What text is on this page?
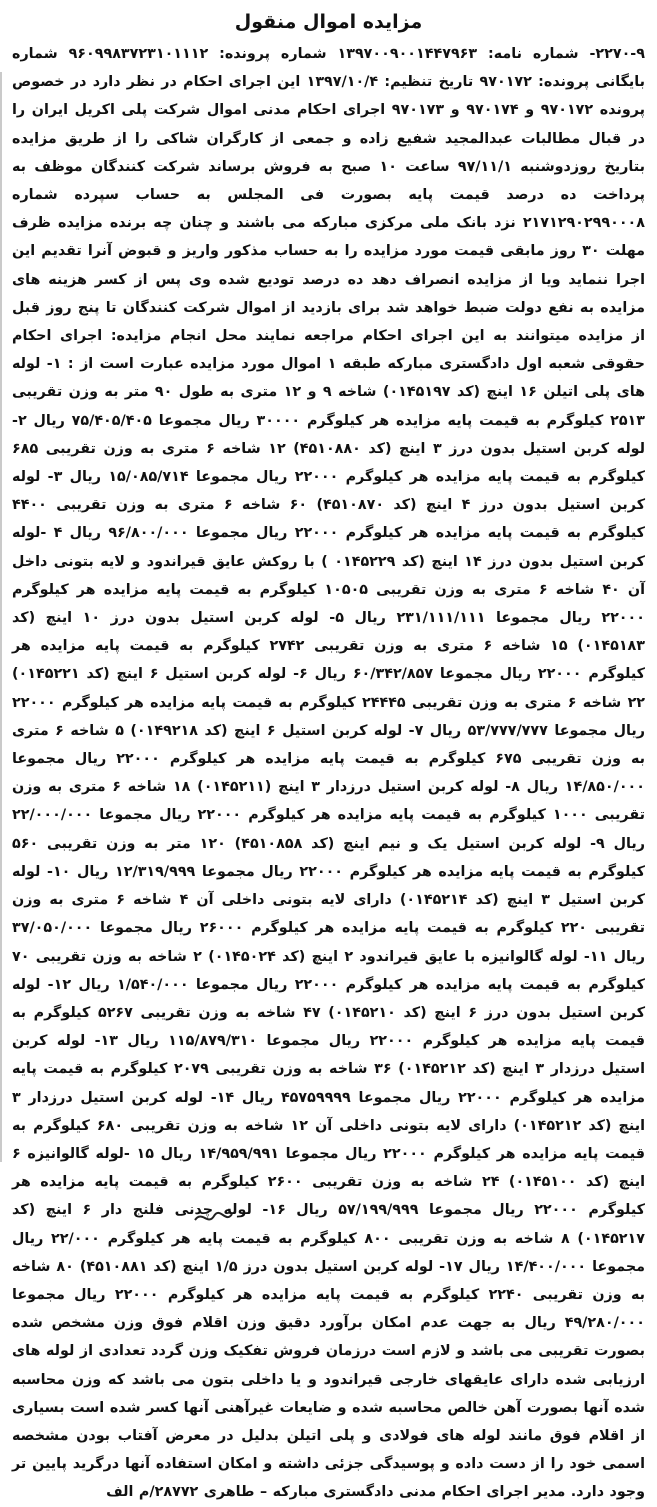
مزایده اموال منقول

۲۲۷۰-۹- شماره نامه: ۱۳۹۷۰۰۹۰۰۱۴۴۷۹۶۳ شماره پرونده: ۹۶۰۹۹۸۳۷۲۳۱۰۱۱۱۲ شماره بایگانی پرونده: ۹۷۰۱۷۲ تاریخ تنظیم: ۱۳۹۷/۱۰/۴ این اجرای احکام در نظر دارد در خصوص پرونده ۹۷۰۱۷۲ و ۹۷۰۱۷۴ و ۹۷۰۱۷۳ اجرای احکام مدنی اموال شرکت پلی اکریل ایران را در قبال مطالبات عبدالمجید شفیع زاده و جمعی از کارگران شاکی را از طریق مزایده بتاریخ روزدوشنبه ۹۷/۱۱/۱ ساعت ۱۰ صبح به فروش برساند شرکت کنندگان موظف به پرداخت ده درصد قیمت پایه بصورت فی المجلس به حساب سپرده شماره ۲۱۷۱۲۹۰۲۹۹۰۰۰۸ نزد بانک ملی مرکزی مبارکه می باشند و چنان چه برنده مزایده ظرف مهلت ۳۰ روز مابقی قیمت مورد مزایده را به حساب مذکور واریز و قبوض آنرا تقدیم این اجرا ننماید ویا از مزایده انصراف دهد ده درصد تودیع شده وی پس از کسر هزینه های مزایده به نفع دولت ضبط خواهد شد برای بازدید از اموال شرکت کنندگان تا پنج روز قبل از مزایده میتوانند به این اجرای احکام مراجعه نمایند محل انجام مزایده: اجرای احکام حقوقی شعبه اول دادگستری مبارکه طبقه ۱ اموال مورد مزایده عبارت است از : ۱- لوله های پلی اتیلن ۱۶ اینچ (کد ۰۱۴۵۱۹۷) شاخه ۹ و ۱۲ متری به طول ۹۰ متر به وزن تقریبی ۲۵۱۳ کیلوگرم به قیمت پایه مزایده هر کیلوگرم ۳۰۰۰۰ ریال مجموعا ۷۵/۴۰۵/۴۰۵ ریال ۲- لوله کربن استیل بدون درز ۳ اینچ (کد ۴۵۱۰۸۸۰) ۱۲ شاخه ۶ متری به وزن تقریبی ۶۸۵ کیلوگرم به قیمت پایه مزایده هر کیلوگرم ۲۲۰۰۰ ریال مجموعا ۱۵/۰۸۵/۷۱۴ ریال ۳- لوله کربن استیل بدون درز ۴ اینچ (کد ۴۵۱۰۸۷۰) ۶۰ شاخه ۶ متری به وزن تقریبی ۴۴۰۰ کیلوگرم به قیمت پایه مزایده هر کیلوگرم ۲۲۰۰۰ ریال مجموعا ۹۶/۸۰۰/۰۰۰ ریال ۴ -لوله کربن استیل بدون درز ۱۴ اینچ (کد ۰۱۴۵۲۲۹ ) با روکش عایق قیراندود و لایه بتونی داخل آن ۴۰ شاخه ۶ متری به وزن تقریبی ۱۰۵۰۵ کیلوگرم به قیمت پایه مزایده هر کیلوگرم ۲۲۰۰۰ ریال مجموعا ۲۳۱/۱۱۱/۱۱۱ ریال ۵- لوله کربن استیل بدون درز ۱۰ اینچ (کد ۰۱۴۵۱۸۳) ۱۵ شاخه ۶ متری به وزن تقریبی ۲۷۴۲ کیلوگرم به قیمت پایه مزایده هر کیلوگرم ۲۲۰۰۰ ریال مجموعا ۶۰/۳۴۲/۸۵۷ ریال ۶- لوله کربن استیل ۶ اینچ (کد ۰۱۴۵۲۲۱) ۲۲ شاخه ۶ متری به وزن تقریبی ۲۴۴۴۵ کیلوگرم به قیمت پایه مزایده هر کیلوگرم ۲۲۰۰۰ ریال مجموعا ۵۳/۷۷۷/۷۷۷ ریال ۷- لوله کربن استیل ۶ اینچ (کد ۰۱۴۹۲۱۸) ۵ شاخه ۶ متری به وزن تقریبی ۶۷۵ کیلوگرم به قیمت پایه مزایده هر کیلوگرم ۲۲۰۰۰ ریال مجموعا ۱۴/۸۵۰/۰۰۰ ریال ۸- لوله کربن استیل درزدار ۳ اینچ (۰۱۴۵۲۱۱) ۱۸ شاخه ۶ متری به وزن تقریبی ۱۰۰۰ کیلوگرم به قیمت پایه مزایده هر کیلوگرم ۲۲۰۰۰ ریال مجموعا ۲۲/۰۰۰/۰۰۰ ریال ۹- لوله کربن استیل یک و نیم اینچ (کد ۴۵۱۰۸۵۸) ۱۲۰ متر به وزن تقریبی ۵۶۰ کیلوگرم به قیمت پایه مزایده هر کیلوگرم ۲۲۰۰۰ ریال مجموعا ۱۲/۳۱۹/۹۹۹ ریال ۱۰- لوله کربن استیل ۳ اینچ (کد ۰۱۴۵۲۱۴) دارای لایه بتونی داخلی آن ۴ شاخه ۶ متری به وزن تقریبی ۲۲۰ کیلوگرم به قیمت پایه مزایده هر کیلوگرم ۲۶۰۰۰ ریال مجموعا ۳۷/۰۵۰/۰۰۰ ریال ۱۱- لوله گالوانیزه با عایق قیراندود ۲ اینچ (کد ۰۱۴۵۰۲۴) ۲ شاخه به وزن تقریبی ۷۰ کیلوگرم به قیمت پایه مزایده هر کیلوگرم ۲۲۰۰۰ ریال مجموعا ۱/۵۴۰/۰۰۰ ریال ۱۲- لوله کربن استیل بدون درز ۶ اینچ (کد ۰۱۴۵۲۱۰) ۴۷ شاخه به وزن تقریبی ۵۲۶۷ کیلوگرم به قیمت پایه مزایده هر کیلوگرم ۲۲۰۰۰ ریال مجموعا ۱۱۵/۸۷۹/۳۱۰ ریال ۱۳- لوله کربن استیل درزدار ۳ اینچ (کد ۰۱۴۵۲۱۲) ۳۶ شاخه به وزن تقریبی ۲۰۷۹ کیلوگرم به قیمت پایه مزایده هر کیلوگرم ۲۲۰۰۰ ریال مجموعا ۴۵۷۵۹۹۹۹ ریال ۱۴- لوله کربن استیل درزدار ۳ اینچ (کد ۰۱۴۵۲۱۲) دارای لایه بتونی داخلی آن ۱۲ شاخه به وزن تقریبی ۶۸۰ کیلوگرم به قیمت پایه مزایده هر کیلوگرم ۲۲۰۰۰ ریال مجموعا ۱۴/۹۵۹/۹۹۱ ریال ۱۵ -لوله گالوانیزه ۶ اینچ (کد ۰۱۴۵۱۰۰) ۲۴ شاخه به وزن تقریبی ۲۶۰۰ کیلوگرم به قیمت پایه مزایده هر کیلوگرم ۲۲۰۰۰ ریال مجموعا ۵۷/۱۹۹/۹۹۹ ریال ۱۶- لوله چدنی فلنج دار ۶ اینچ (کد ۰۱۴۵۲۱۷) ۸ شاخه به وزن تقریبی ۸۰۰ کیلوگرم به قیمت پایه هر کیلوگرم ۲۲/۰۰۰ ریال مجموعا ۱۴/۴۰۰/۰۰۰ ریال ۱۷- لوله کربن استیل بدون درز ۱/۵ اینچ (کد ۴۵۱۰۸۸۱) ۸۰ شاخه به وزن تقریبی ۲۲۴۰ کیلوگرم به قیمت پایه مزایده هر کیلوگرم ۲۲۰۰۰ ریال مجموعا ۴۹/۲۸۰/۰۰۰ ریال به جهت عدم امکان برآورد دقیق وزن اقلام فوق وزن مشخص شده بصورت تقریبی می باشد و لازم است درزمان فروش تفکیک وزن گردد تعدادی از لوله های ارزیابی شده دارای عایقهای خارجی قیراندود و یا داخلی بتون می باشد که وزن محاسبه شده آنها بصورت آهن خالص محاسبه شده و ضایعات غیرآهنی آنها کسر شده است بسیاری از اقلام فوق مانند لوله های فولادی و پلی اتیلن بدلیل در معرض آفتاب بودن مشخصه اسمی خود را از دست داده و پوسیدگی جزئی داشته و امکان استفاده آنها درگرید پایین تر وجود دارد. مدیر اجرای احکام مدنی دادگستری مبارکه – طاهری ۲۸۷۷۲/م الف
